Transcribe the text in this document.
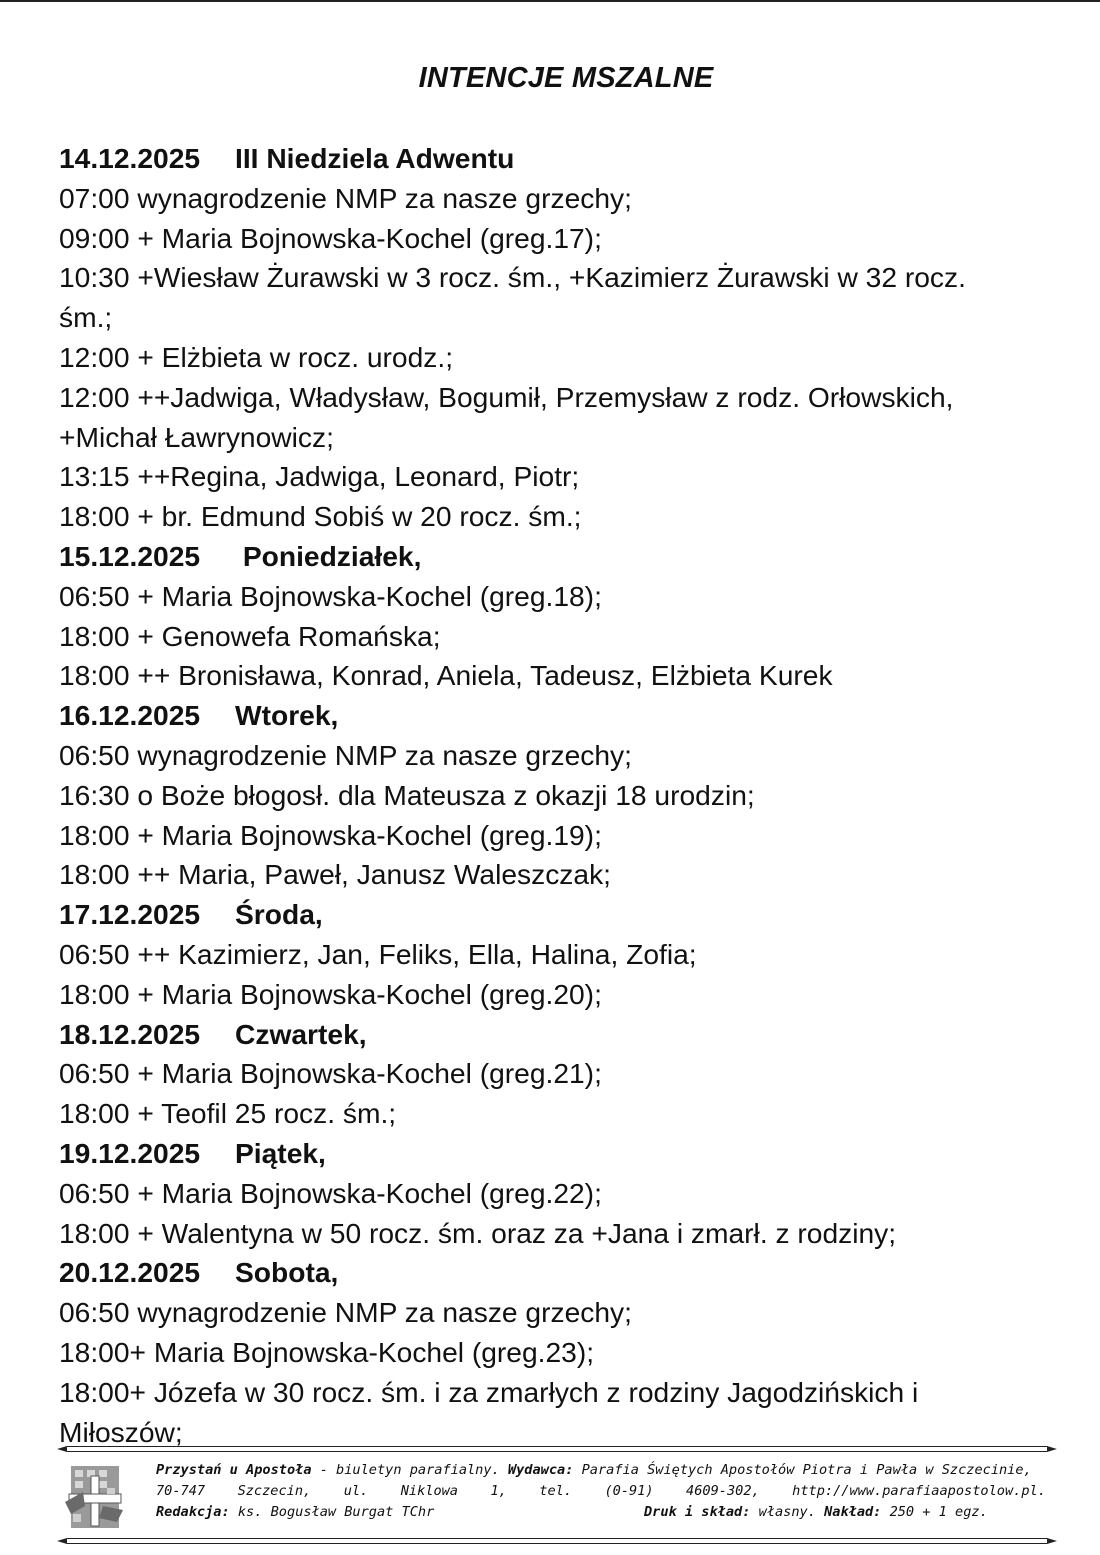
INTENCJE MSZALNE
14.12.2025 III Niedziela Adwentu
07:00 wynagrodzenie NMP za nasze grzechy;
09:00 + Maria Bojnowska-Kochel (greg.17);
10:30 +Wiesław Żurawski w 3 rocz. śm., +Kazimierz Żurawski w 32 rocz.
śm.;
12:00 + Elżbieta w rocz. urodz.;
12:00 ++Jadwiga, Władysław, Bogumił, Przemysław z rodz. Orłowskich,
+Michał Ławrynowicz;
13:15 ++Regina, Jadwiga, Leonard, Piotr;
18:00 + br. Edmund Sobiś w 20 rocz. śm.;
15.12.2025 Poniedziałek,
06:50 + Maria Bojnowska-Kochel (greg.18);
18:00 + Genowefa Romańska;
18:00 ++ Bronisława, Konrad, Aniela, Tadeusz, Elżbieta Kurek
16.12.2025 Wtorek,
06:50 wynagrodzenie NMP za nasze grzechy;
16:30 o Boże błogosł. dla Mateusza z okazji 18 urodzin;
18:00 + Maria Bojnowska-Kochel (greg.19);
18:00 ++ Maria, Paweł, Janusz Waleszczak;
17.12.2025 Środa,
06:50 ++ Kazimierz, Jan, Feliks, Ella, Halina, Zofia;
18:00 + Maria Bojnowska-Kochel (greg.20);
18.12.2025 Czwartek,
06:50 + Maria Bojnowska-Kochel (greg.21);
18:00 + Teofil 25 rocz. śm.;
19.12.2025 Piątek,
06:50 + Maria Bojnowska-Kochel (greg.22);
18:00 + Walentyna w 50 rocz. śm. oraz za +Jana i zmarł. z rodziny;
20.12.2025 Sobota,
06:50 wynagrodzenie NMP za nasze grzechy;
18:00+ Maria Bojnowska-Kochel (greg.23);
18:00+ Józefa w 30 rocz. śm. i za zmarłych z rodziny Jagodzińskich i
Miłoszów;
Przystań u Apostoła - biuletyn parafialny. Wydawca: Parafia Świętych Apostołów Piotra i Pawła w Szczecinie,
70-747 Szczecin, ul. Niklowa 1, tel. (0-91) 4609-302, http://www.parafiaapostolow.pl.
Redakcja: ks. Bogusław Burgat TChr	Druk i skład: własny. Nakład: 250 + 1 egz.
